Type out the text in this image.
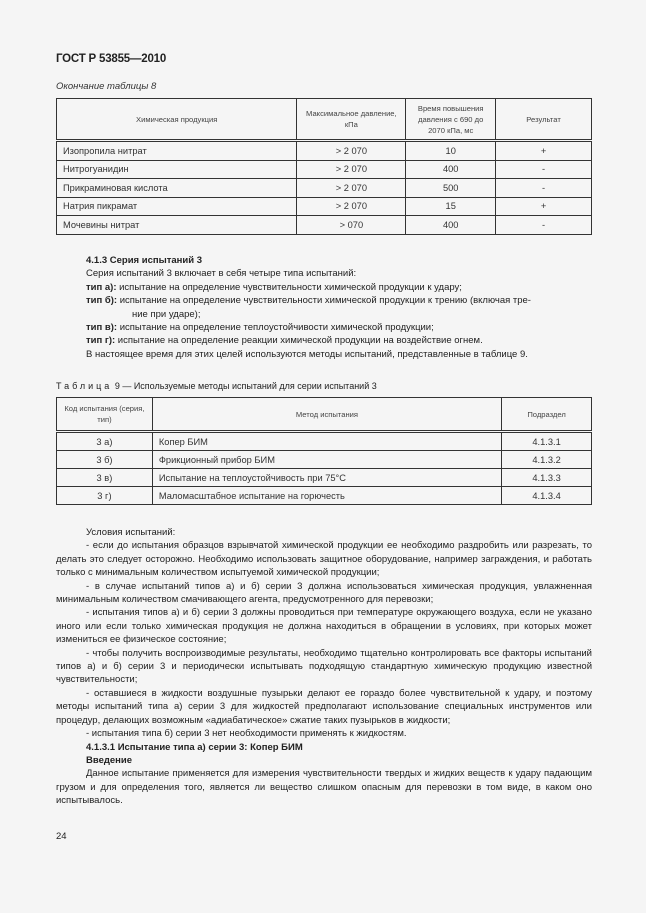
ГОСТ Р 53855—2010
Окончание таблицы 8
Химическая продукция	Максимальное давление, кПа	Время повышения давления с 690 до 2070 кПа, мс	Результат
Изопропила нитрат	> 2 070	10	+
Нитрогуанидин	> 2 070	400	-
Прикраминовая кислота	> 2 070	500	-
Натрия пикрамат	> 2 070	15	+
Мочевины нитрат	> 070	400	-

4.1.3 Серия испытаний 3

Серия испытаний 3 включает в себя четыре типа испытаний:

тип а): испытание на определение чувствительности химической продукции к удару;

тип б): испытание на определение чувствительности химической продукции к трению (включая тре-

ние при ударе);

тип в): испытание на определение теплоустойчивости химической продукции;

тип г): испытание на определение реакции химической продукции на воздействие огнем.

В настоящее время для этих целей используются методы испытаний, представленные в таблице 9.

Таблица 9 — Используемые методы испытаний для серии испытаний 3
Код испытания (серия, тип)	Метод испытания	Подраздел
3 а)	Копер БИМ	4.1.3.1
3 б)	Фрикционный прибор БИМ	4.1.3.2
3 в)	Испытание на теплоустойчивость при 75°С	4.1.3.3
3 г)	Маломасштабное испытание на горючесть	4.1.3.4

Условия испытаний:

- если до испытания образцов взрывчатой химической продукции ее необходимо раздробить или разрезать, то делать это следует осторожно. Необходимо использовать защитное оборудование, например заграждения, и работать только с минимальным количеством испытуемой химической продукции;

- в случае испытаний типов а) и б) серии 3 должна использоваться химическая продукция, увлажненная минимальным количеством смачивающего агента, предусмотренного для перевозки;

- испытания типов а) и б) серии 3 должны проводиться при температуре окружающего воздуха, если не указано иного или если только химическая продукция не должна находиться в обращении в условиях, при которых может измениться ее физическое состояние;

- чтобы получить воспроизводимые результаты, необходимо тщательно контролировать все факторы испытаний типов а) и б) серии 3 и периодически испытывать подходящую стандартную химическую продукцию известной чувствительности;

- оставшиеся в жидкости воздушные пузырьки делают ее гораздо более чувствительной к удару, и поэтому методы испытаний типа а) серии 3 для жидкостей предполагают использование специальных инструментов или процедур, делающих возможным «адиабатическое» сжатие таких пузырьков в жидкости;

- испытания типа б) серии 3 нет необходимости применять к жидкостям.

4.1.3.1 Испытание типа а) серии 3: Копер БИМ

Введение

Данное испытание применяется для измерения чувствительности твердых и жидких веществ к удару падающим грузом и для определения того, является ли вещество слишком опасным для перевозки в том виде, в каком оно испытывалось.

24
